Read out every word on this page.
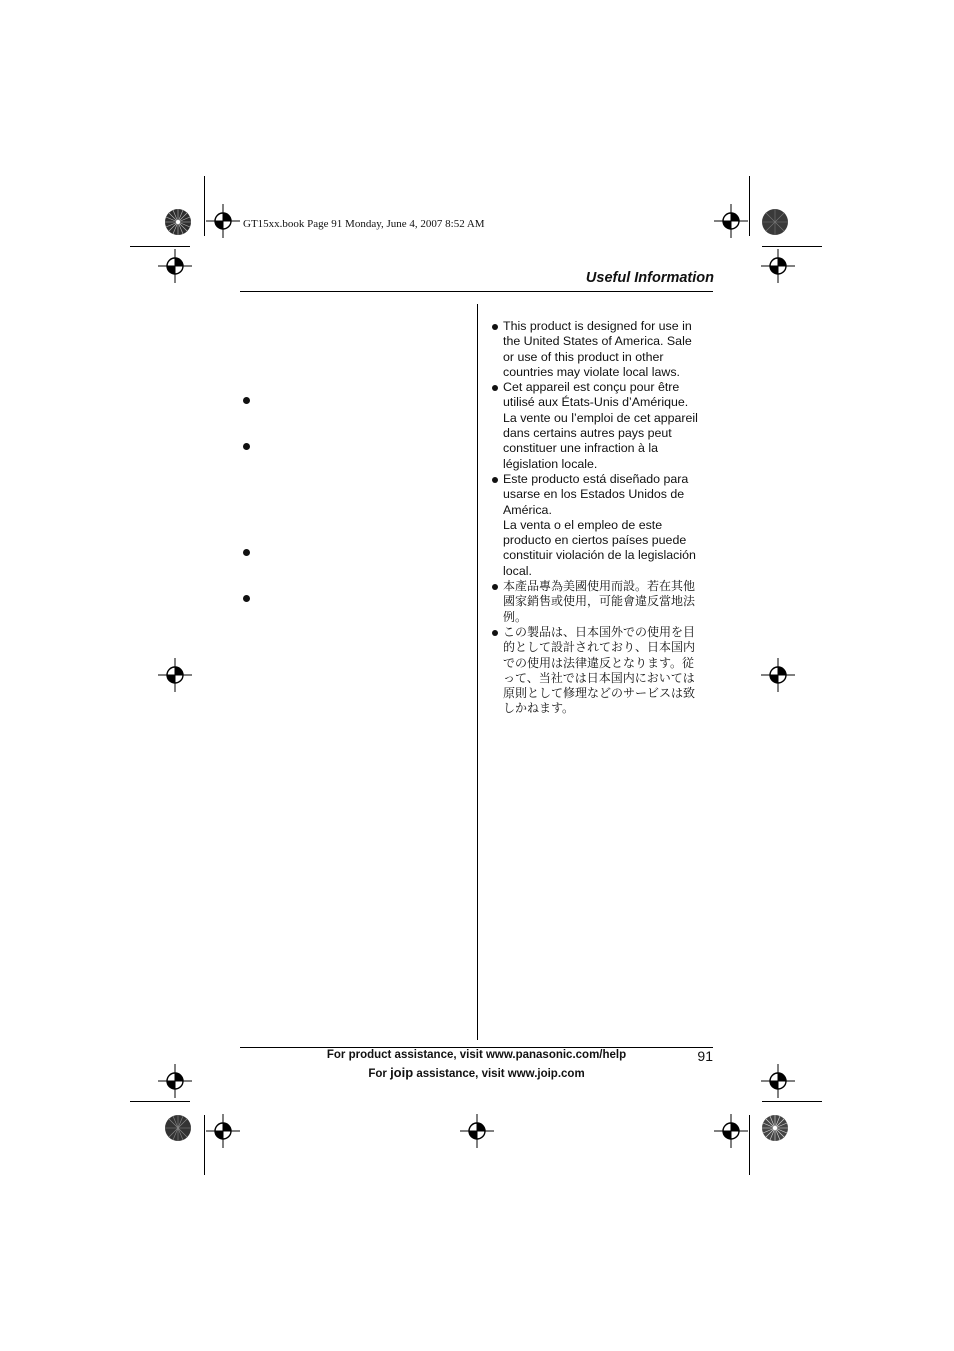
GT15xx.book Page 91 Monday, June 4, 2007 8:52 AM
Useful Information
This product is designed for use in
the United States of America. Sale
or use of this product in other
countries may violate local laws.
Cet appareil est conçu pour être
utilisé aux États-Unis d’Amérique.
La vente ou l’emploi de cet appareil
dans certains autres pays peut
constituer une infraction à la
législation locale.
Este producto está diseñado para
usarse en los Estados Unidos de
América.
La venta o el empleo de este
producto en ciertos países puede
constituir violación de la legislación
local.
本產品專為美國使用而設。若在其他
國家銷售或使用，可能會違反當地法
例。
この製品は、日本国外での使用を目
的として設計されており、日本国内
での使用は法律違反となります。従
って、当社では日本国内においては
原則として修理などのサービスは致
しかねます。
For product assistance, visit www.panasonic.com/help
For joip assistance, visit www.joip.com
91
